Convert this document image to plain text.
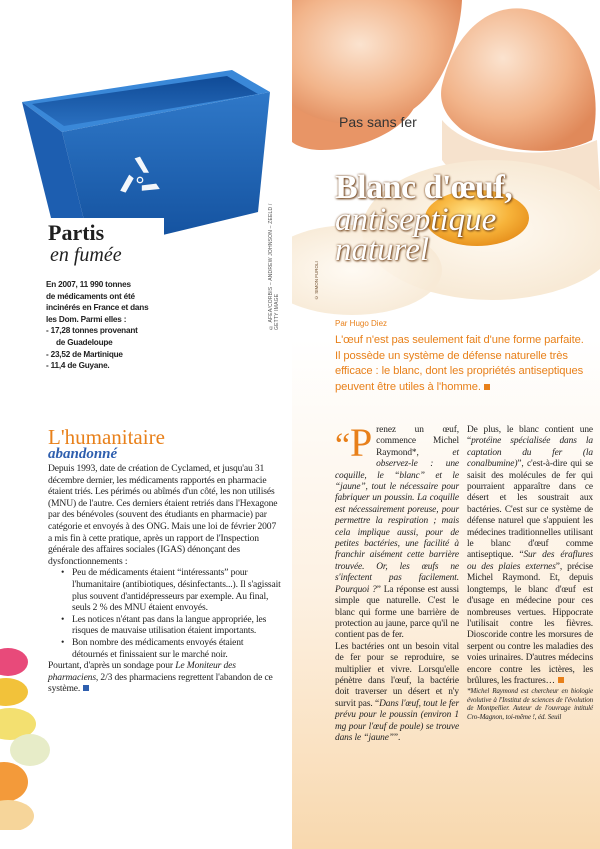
© AFEA/CORBIS – ANDREW JOHNSON – ZEELD / GETTY IMAGE
Partis
en fumée
En 2007, 11 990 tonnes
de médicaments ont été
incinérés en France et dans
les Dom. Parmi elles :
- 17,28 tonnes provenant
de Guadeloupe
- 23,52 de Martinique
- 11,4 de Guyane.
L'humanitaire
abandonné

Depuis 1993, date de création de Cyclamed, et jusqu'au 31 décembre dernier, les médicaments rapportés en pharmacie étaient triés. Les périmés ou abîmés d'un côté, les non utilisés (MNU) de l'autre. Ces derniers étaient retriés dans l'Hexagone par des bénévoles (souvent des étudiants en pharmacie) par catégorie et envoyés à des ONG. Mais une loi de février 2007 a mis fin à cette pratique, après un rapport de l'Inspection générale des affaires sociales (IGAS) dénonçant des dysfonctionnements :

• Peu de médicaments étaient “intéressants” pour l'humanitaire (antibiotiques, désinfectants...). Il s'agissait plus souvent d'antidépresseurs par exemple. Au final, seuls 2 % des MNU étaient envoyés.
• Les notices n'étant pas dans la langue appropriée, les risques de mauvaise utilisation étaient importants.
• Bon nombre des médicaments envoyés étaient détournés et finissaient sur le marché noir.

Pourtant, d'après un sondage pour Le Moniteur des pharmaciens, 2/3 des pharmaciens regrettent l'abandon de ce système.

Pas sans fer
Blanc d'œuf,
antiseptique
naturel
© SIMON FUROLI
Par Hugo Diez
L'œuf n'est pas seulement fait d'une forme parfaite. Il possède un système de défense naturelle très efficace : le blanc, dont les propriétés antiseptiques peuvent être utiles à l'homme.
“P renez un œuf, commence Michel Raymond*, et observez-le : une coquille, le “blanc” et le “jaune”, tout le nécessaire pour fabriquer un poussin. La coquille est nécessairement poreuse, pour permettre la respiration ; mais cela implique aussi, pour de petites bactéries, une facilité à franchir aisément cette barrière trouvée. Or, les œufs ne s'infectent pas facilement. Pourquoi ?” La réponse est aussi simple que naturelle. C'est le blanc qui forme une barrière de protection au jaune, parce qu'il ne contient pas de fer.

Les bactéries ont un besoin vital de fer pour se reproduire, se multiplier et vivre. Lorsqu'elle pénètre dans l'œuf, la bactérie doit traverser un désert et n'y survit pas. “Dans l'œuf, tout le fer prévu pour le poussin (environ 1 mg pour l'œuf de poule) se trouve dans le “jaune””.

De plus, le blanc contient une “protéine spécialisée dans la captation du fer (la conalbumine)”, c'est-à-dire qui se saisit des molécules de fer qui pourraient apparaître dans ce désert et les soustrait aux bactéries. C'est sur ce système de défense naturel que s'appuient les médecines traditionnelles utilisant le blanc d'œuf comme antiseptique. “Sur des éraflures ou des plaies externes”, précise Michel Raymond. Et, depuis longtemps, le blanc d'œuf est d'usage en médecine pour ces nombreuses vertues. Hippocrate l'utilisait contre les fièvres. Dioscoride contre les morsures de serpent ou contre les maladies des voies urinaires. D'autres médecins encore contre les ictères, les brûlures, les fractures…

*Michel Raymond est chercheur en biologie évolutive à l'Institut de sciences de l'évolution de Montpellier. Auteur de l'ouvrage intitulé Cro-Magnon, toi-même !, éd. Seuil
